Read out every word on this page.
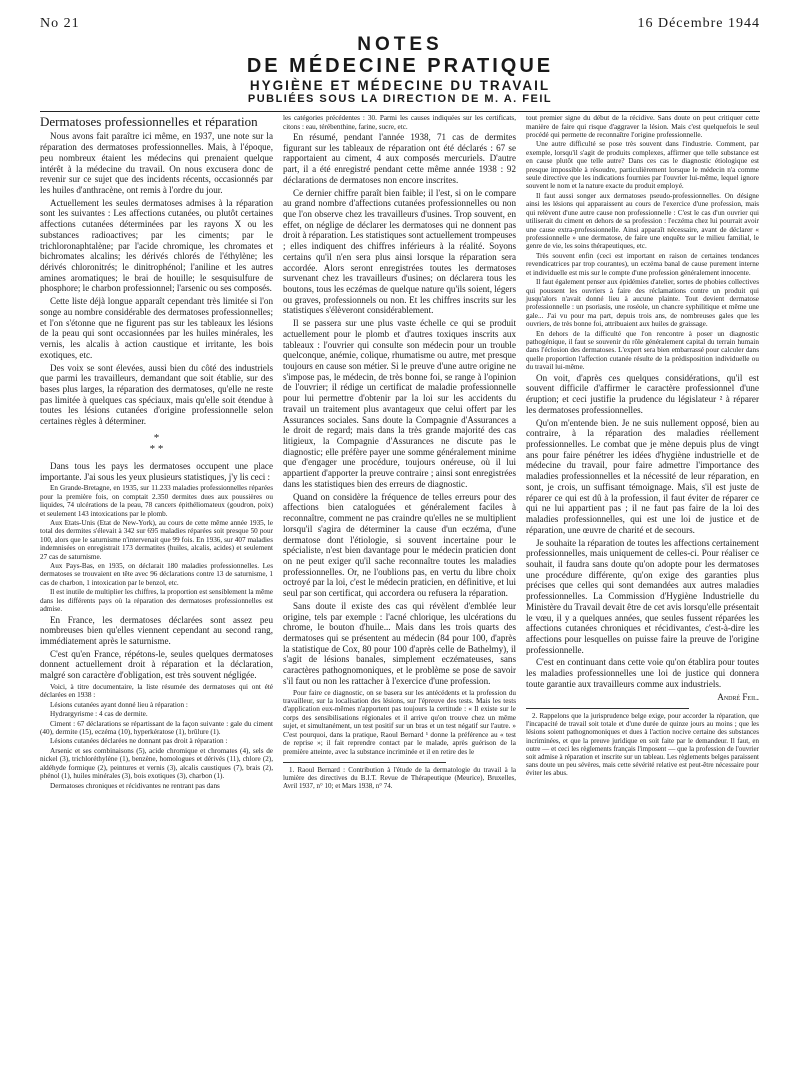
No 21	16 Décembre 1944
NOTES
DE MÉDECINE PRATIQUE
HYGIÈNE ET MÉDECINE DU TRAVAIL
PUBLIÉES SOUS LA DIRECTION DE M. A. FEIL

Dermatoses professionnelles et réparation

Nous avons fait paraître ici même, en 1937, une note sur la réparation des dermatoses professionnelles. Mais, à l'époque, peu nombreux étaient les médecins qui prenaient quelque intérêt à la médecine du travail. On nous excusera donc de revenir sur ce sujet que des incidents récents, occasionnés par les huiles d'anthracène, ont remis à l'ordre du jour.

Actuellement les seules dermatoses admises à la réparation sont les suivantes : Les affections cutanées, ou plutôt certaines affections cutanées déterminées par les rayons X ou les substances radioactives; par les ciments; par le trichloronaphtalène; par l'acide chromique, les chromates et bichromates alcalins; les dérivés chlorés de l'éthylène; les dérivés chloronitrés; le dinitrophénol; l'aniline et les autres amines aromatiques; le brai de houille; le sesquisulfure de phosphore; le charbon professionnel; l'arsenic ou ses composés.

Cette liste déjà longue apparaît cependant très limitée si l'on songe au nombre considérable des dermatoses professionnelles; et l'on s'étonne que ne figurent pas sur les tableaux les lésions de la peau qui sont occasionnées par les huiles minérales, les vernis, les alcalis à action caustique et irritante, les bois exotiques, etc.

Des voix se sont élevées, aussi bien du côté des industriels que parmi les travailleurs, demandant que soit établie, sur des bases plus larges, la réparation des dermatoses, qu'elle ne reste pas limitée à quelques cas spéciaux, mais qu'elle soit étendue à toutes les lésions cutanées d'origine professionnelle selon certaines règles à déterminer.

*
* *

Dans tous les pays les dermatoses occupent une place importante. J'ai sous les yeux plusieurs statistiques, j'y lis ceci :

En Grande-Bretagne, en 1935, sur 11.233 maladies professionnelles réparées pour la première fois, on comptait 2.350 dermites dues aux poussières ou liquides, 74 ulcérations de la peau, 78 cancers épithéliomateux (goudron, poix) et seulement 143 intoxications par le plomb.

Aux Etats-Unis (Etat de New-York), au cours de cette même année 1935, le total des dermites s'élevait à 342 sur 695 maladies réparées soit presque 50 pour 100, alors que le saturnisme n'intervenait que 99 fois. En 1936, sur 407 maladies indemnisées on enregistrait 173 dermatites (huiles, alcalis, acides) et seulement 27 cas de saturnisme.

Aux Pays-Bas, en 1935, on déclarait 180 maladies professionnelles. Les dermatoses se trouvaient en tête avec 96 déclarations contre 13 de saturnisme, 1 cas de charbon, 1 intoxication par le benzol, etc.

Il est inutile de multiplier les chiffres, la proportion est sensiblement la même dans les différents pays où la réparation des dermatoses professionnelles est admise.

En France, les dermatoses déclarées sont assez peu nombreuses bien qu'elles viennent cependant au second rang, immédiatement après le saturnisme.

C'est qu'en France, répétons-le, seules quelques dermatoses donnent actuellement droit à réparation et la déclaration, malgré son caractère d'obligation, est très souvent négligée.

Voici, à titre documentaire, la liste résumée des dermatoses qui ont été déclarées en 1938 :

Lésions cutanées ayant donné lieu à réparation :

Hydrargyrisme : 4 cas de dermite.

Ciment : 67 déclarations se répartissant de la façon suivante : gale du ciment (40), dermite (15), eczéma (10), hyperkératose (1), brûlure (1).

Lésions cutanées déclarées ne donnant pas droit à réparation :

Arsenic et ses combinaisons (5), acide chromique et chromates (4), sels de nickel (3), trichloréthylène (1), benzène, homologues et dérivés (11), chlore (2), aldéhyde formique (2), peintures et vernis (3), alcalis caustiques (7), brais (2), phénol (1), huiles minérales (3), bois exotiques (3), charbon (1).

Dermatoses chroniques et récidivantes ne rentrant pas dans

les catégories précédentes : 30. Parmi les causes indiquées sur les certificats, citons : eau, térébenthine, farine, sucre, etc.

En résumé, pendant l'année 1938, 71 cas de dermites figurant sur les tableaux de réparation ont été déclarés : 67 se rapportaient au ciment, 4 aux composés mercuriels. D'autre part, il a été enregistré pendant cette même année 1938 : 92 déclarations de dermatoses non encore inscrites.

Ce dernier chiffre paraît bien faible; il l'est, si on le compare au grand nombre d'affections cutanées professionnelles ou non que l'on observe chez les travailleurs d'usines. Trop souvent, en effet, on néglige de déclarer les dermatoses qui ne donnent pas droit à réparation. Les statistiques sont actuellement trompeuses ; elles indiquent des chiffres inférieurs à la réalité. Soyons certains qu'il n'en sera plus ainsi lorsque la réparation sera accordée. Alors seront enregistrées toutes les dermatoses survenant chez les travailleurs d'usines; on déclarera tous les boutons, tous les eczémas de quelque nature qu'ils soient, légers ou graves, professionnels ou non. Et les chiffres inscrits sur les statistiques s'élèveront considérablement.

Il se passera sur une plus vaste échelle ce qui se produit actuellement pour le plomb et d'autres toxiques inscrits aux tableaux : l'ouvrier qui consulte son médecin pour un trouble quelconque, anémie, colique, rhumatisme ou autre, met presque toujours en cause son métier. Si le preuve d'une autre origine ne s'impose pas, le médecin, de très bonne foi, se range à l'opinion de l'ouvrier; il rédige un certificat de maladie professionnelle pour lui permettre d'obtenir par la loi sur les accidents du travail un traitement plus avantageux que celui offert par les Assurances sociales. Sans doute la Compagnie d'Assurances a le droit de regard; mais dans la très grande majorité des cas litigieux, la Compagnie d'Assurances ne discute pas le diagnostic; elle préfère payer une somme généralement minime que d'engager une procédure, toujours onéreuse, où il lui appartient d'apporter la preuve contraire ; ainsi sont enregistrées dans les statistiques bien des erreurs de diagnostic.

Quand on considère la fréquence de telles erreurs pour des affections bien cataloguées et généralement faciles à reconnaître, comment ne pas craindre qu'elles ne se multiplient lorsqu'il s'agira de déterminer la cause d'un eczéma, d'une dermatose dont l'étiologie, si souvent incertaine pour le spécialiste, n'est bien davantage pour le médecin praticien dont on ne peut exiger qu'il sache reconnaître toutes les maladies professionnelles. Or, ne l'oublions pas, en vertu du libre choix octroyé par la loi, c'est le médecin praticien, en définitive, et lui seul par son certificat, qui accordera ou refusera la réparation.

Sans doute il existe des cas qui révèlent d'emblée leur origine, tels par exemple : l'acné chlorique, les ulcérations du chrome, le bouton d'huile... Mais dans les trois quarts des dermatoses qui se présentent au médecin (84 pour 100, d'après la statistique de Cox, 80 pour 100 d'après celle de Bathelmy), il s'agit de lésions banales, simplement eczémateuses, sans caractères pathognomoniques, et le problème se pose de savoir s'il faut ou non les rattacher à l'exercice d'une profession.

Pour faire ce diagnostic, on se basera sur les antécédents et la profession du travailleur, sur la localisation des lésions, sur l'épreuve des tests. Mais les tests d'application eux-mêmes n'apportent pas toujours la certitude : « Il existe sur le corps des sensibilisations régionales et il arrive qu'on trouve chez un même sujet, et simultanément, un test positif sur un bras et un test négatif sur l'autre. » C'est pourquoi, dans la pratique, Raoul Bernard ¹ donne la préférence au « test de reprise »; il fait reprendre contact par le malade, après guérison de la première atteinte, avec la substance incriminée et il en retire des le

1. Raoul Bernard : Contribution à l'étude de la dermatologie du travail à la lumière des directives du B.I.T. Revue de Thérapeutique (Meurice), Bruxelles, Avril 1937, n° 10; et Mars 1938, n° 74.

tout premier signe du début de la récidive. Sans doute on peut critiquer cette manière de faire qui risque d'aggraver la lésion. Mais c'est quelquefois le seul procédé qui permette de reconnaître l'origine professionnelle.

Une autre difficulté se pose très souvent dans l'industrie. Comment, par exemple, lorsqu'il s'agit de produits complexes, affirmer que telle substance est en cause plutôt que telle autre? Dans ces cas le diagnostic étiologique est presque impossible à résoudre, particulièrement lorsque le médecin n'a comme seule directive que les indications fournies par l'ouvrier lui-même, lequel ignore souvent le nom et la nature exacte du produit employé.

Il faut aussi songer aux dermatoses pseudo-professionnelles. On désigne ainsi les lésions qui apparaissent au cours de l'exercice d'une profession, mais qui relèvent d'une autre cause non professionnelle : C'est le cas d'un ouvrier qui utiliserait du ciment en dehors de sa profession : l'eczéma chez lui pourrait avoir une cause extra-professionnelle. Ainsi apparaît nécessaire, avant de déclarer « professionnelle » une dermatose, de faire une enquête sur le milieu familial, le genre de vie, les soins thérapeutiques, etc.

Très souvent enfin (ceci est important en raison de certaines tendances revendicatrices par trop courantes), un eczéma banal de cause purement interne et individuelle est mis sur le compte d'une profession généralement innocente.

Il faut également penser aux épidémies d'atelier, sortes de phobies collectives qui poussent les ouvriers à faire des réclamations contre un produit qui jusqu'alors n'avait donné lieu à aucune plainte. Tout devient dermatose professionnelle : un psoriasis, une roséole, un chancre syphilitique et même une gale... J'ai vu pour ma part, depuis trois ans, de nombreuses gales que les ouvriers, de très bonne foi, attribuaient aux huiles de graissage.

En dehors de la difficulté que l'on rencontre à poser un diagnostic pathogénique, il faut se souvenir du rôle généralement capital du terrain humain dans l'éclosion des dermatoses. L'expert sera bien embarrassé pour calculer dans quelle proportion l'affection cutanée résulte de la prédisposition individuelle ou du travail lui-même.

On voit, d'après ces quelques considérations, qu'il est souvent difficile d'affirmer le caractère professionnel d'une éruption; et ceci justifie la prudence du législateur ² à réparer les dermatoses professionnelles.

Qu'on m'entende bien. Je ne suis nullement opposé, bien au contraire, à la réparation des maladies réellement professionnelles. Le combat que je mène depuis plus de vingt ans pour faire pénétrer les idées d'hygiène industrielle et de médecine du travail, pour faire admettre l'importance des maladies professionnelles et la nécessité de leur réparation, en sont, je crois, un suffisant témoignage. Mais, s'il est juste de réparer ce qui est dû à la profession, il faut éviter de réparer ce qui ne lui appartient pas ; il ne faut pas faire de la loi des maladies professionnelles, qui est une loi de justice et de réparation, une œuvre de charité et de secours.

Je souhaite la réparation de toutes les affections certainement professionnelles, mais uniquement de celles-ci. Pour réaliser ce souhait, il faudra sans doute qu'on adopte pour les dermatoses une procédure différente, qu'on exige des garanties plus précises que celles qui sont demandées aux autres maladies professionnelles. La Commission d'Hygiène Industrielle du Ministère du Travail devait être de cet avis lorsqu'elle présentait le vœu, il y a quelques années, que seules fussent réparées les affections cutanées chroniques et récidivantes, c'est-à-dire les affections pour lesquelles on puisse faire la preuve de l'origine professionnelle.

C'est en continuant dans cette voie qu'on établira pour toutes les maladies professionnelles une loi de justice qui donnera toute garantie aux travailleurs comme aux industriels.

André Feil.

2. Rappelons que la jurisprudence belge exige, pour accorder la réparation, que l'incapacité de travail soit totale et d'une durée de quinze jours au moins ; que les lésions soient pathognomoniques et dues à l'action nocive certaine des substances incriminées, et que la preuve juridique en soit faite par le demandeur. Il faut, en outre — et ceci les règlements français l'imposent — que la profession de l'ouvrier soit admise à réparation et inscrite sur un tableau. Les règlements belges paraissent sans doute un peu sévères, mais cette sévérité relative est peut-être nécessaire pour éviter les abus.
